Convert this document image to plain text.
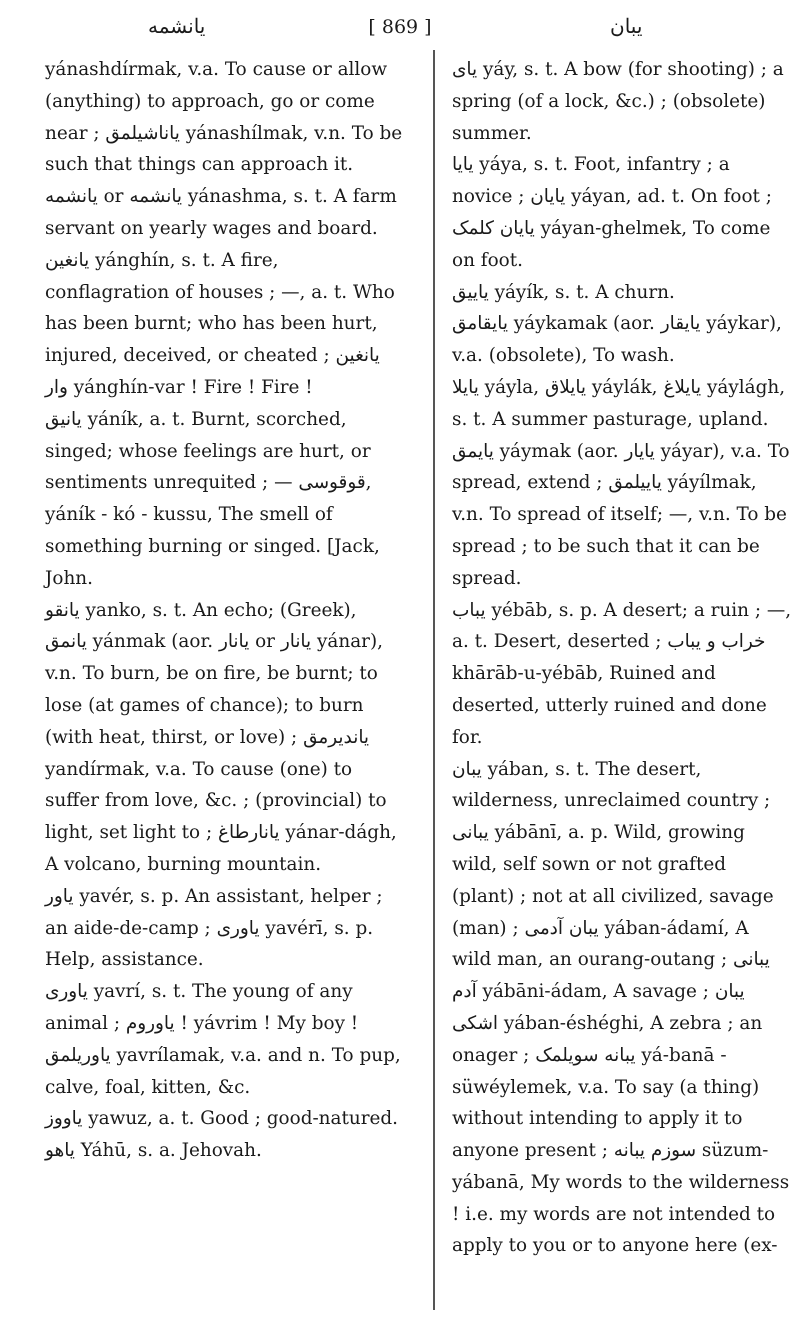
یانشمه	[ 869 ]	یبان

yánashdírmak, v.a. To cause or allow (anything) to approach, go or come near ; یاناشیلمق yánashílmak, v.n. To be such that things can approach it.

یانشمه or یانشمه yánashma, s. t. A farm servant on yearly wages and board.

یانغین yánghín, s. t. A fire, conflagration of houses ; —, a. t. Who has been burnt; who has been hurt, injured, deceived, or cheated ; یانغین وار yánghín-var ! Fire ! Fire !

یانیق yáník, a. t. Burnt, scorched, singed; whose feelings are hurt, or sentiments unrequited ; — قوقوسی, yáník - kó - kussu, The smell of something burning or singed. [Jack, John.

یانقو yanko, s. t. An echo; (Greek),

یانمق yánmak (aor. یانار or یانار yánar), v.n. To burn, be on fire, be burnt; to lose (at games of chance); to burn (with heat, thirst, or love) ; یاندیرمق yandírmak, v.a. To cause (one) to suffer from love, &c. ; (provincial) to light, set light to ; یانارطاغ yánar-dágh, A volcano, burning mountain.

یاور yavér, s. p. An assistant, helper ; an aide-de-camp ; یاوری yavérī, s. p. Help, assistance.

یاوری yavrí, s. t. The young of any animal ; یاوروم ! yávrim ! My boy ! یاوریلمق yavrílamak, v.a. and n. To pup, calve, foal, kitten, &c.

یاووز yawuz, a. t. Good ; good-natured.

یاهو Yáhū, s. a. Jehovah.

یای yáy, s. t. A bow (for shooting) ; a spring (of a lock, &c.) ; (obsolete) summer.

یایا yáya, s. t. Foot, infantry ; a novice ; یایان yáyan, ad. t. On foot ; یایان کلمک yáyan-ghelmek, To come on foot.

یاییق yáyík, s. t. A churn.

یایقامق yáykamak (aor. یایقار yáykar), v.a. (obsolete), To wash.

یایلا yáyla, یایلاق yáylák, یایلاغ yáylágh, s. t. A summer pasturage, upland.

یایمق yáymak (aor. یایار yáyar), v.a. To spread, extend ; یاییلمق yáyílmak, v.n. To spread of itself; —, v.n. To be spread ; to be such that it can be spread.

یباب yébāb, s. p. A desert; a ruin ; —, a. t. Desert, deserted ; خراب و یباب khārāb-u-yébāb, Ruined and deserted, utterly ruined and done for.

یبان yában, s. t. The desert, wilderness, unreclaimed country ; یبانی yábānī, a. p. Wild, growing wild, self sown or not grafted (plant) ; not at all civilized, savage (man) ; یبان آدمی yában-ádamí, A wild man, an ourang-outang ; یبانی آدم yábāni-ádam, A savage ; یبان اشکی yában-éshéghi, A zebra ; an onager ; یبانه سویلمک yá-banā - süwéylemek, v.a. To say (a thing) without intending to apply it to anyone present ; سوزم یبانه süzum-yábanā, My words to the wilderness ! i.e. my words are not intended to apply to you or to anyone here (ex-
